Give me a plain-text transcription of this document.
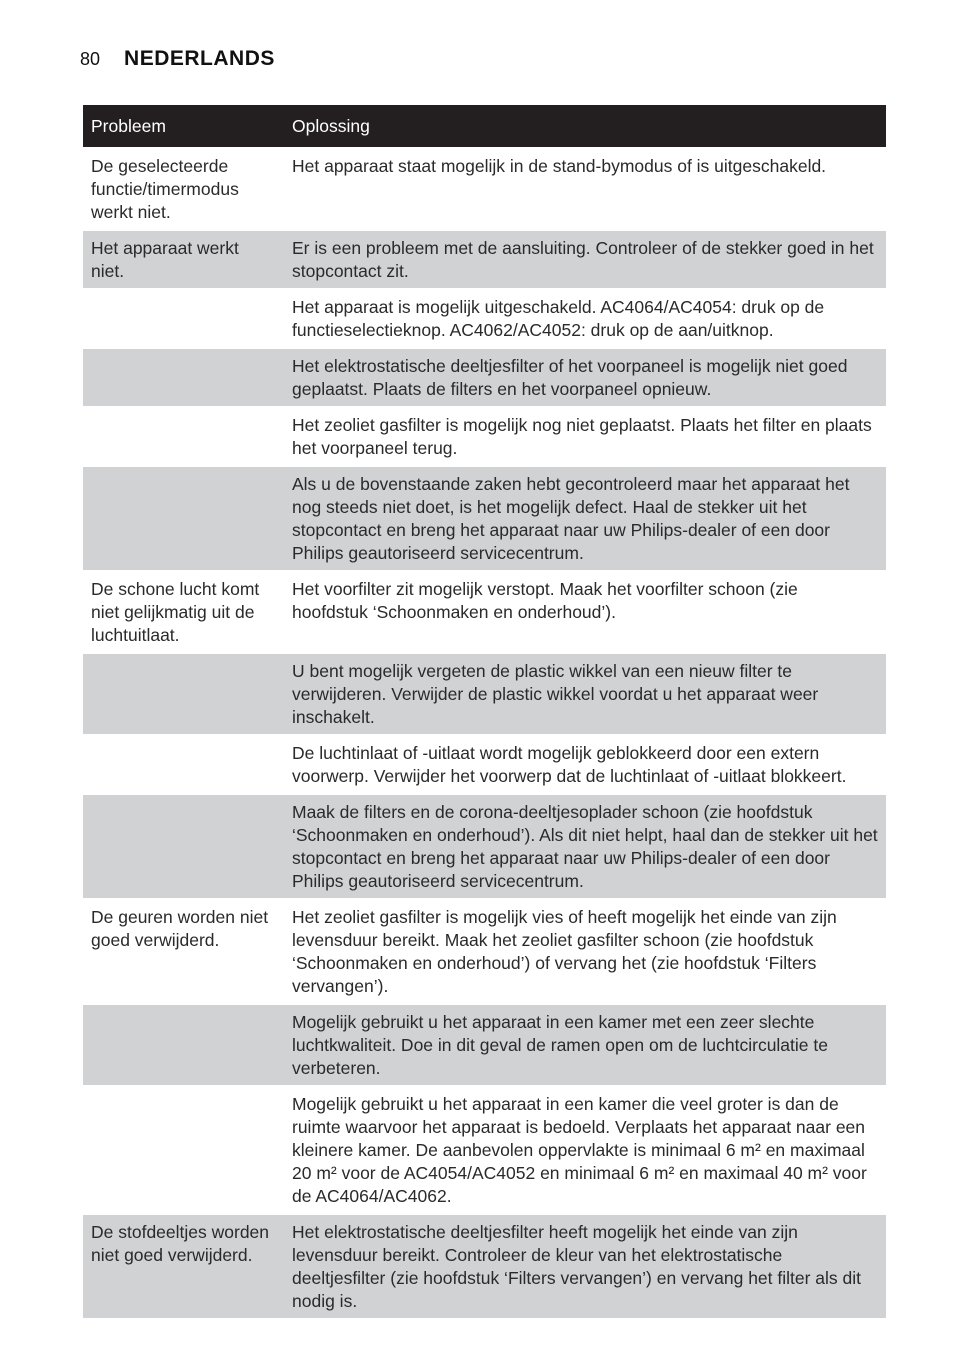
80 NEDERLANDS
Probleem	Oplossing
De geselecteerde functie/timermodus werkt niet.	Het apparaat staat mogelijk in de stand-bymodus of is uitgeschakeld.
Het apparaat werkt niet.	Er is een probleem met de aansluiting. Controleer of de stekker goed in het stopcontact zit.
	Het apparaat is mogelijk uitgeschakeld. AC4064/AC4054: druk op de functieselectieknop. AC4062/AC4052: druk op de aan/uitknop.
	Het elektrostatische deeltjesfilter of het voorpaneel is mogelijk niet goed geplaatst. Plaats de filters en het voorpaneel opnieuw.
	Het zeoliet gasfilter is mogelijk nog niet geplaatst. Plaats het filter en plaats het voorpaneel terug.
	Als u de bovenstaande zaken hebt gecontroleerd maar het apparaat het nog steeds niet doet, is het mogelijk defect. Haal de stekker uit het stopcontact en breng het apparaat naar uw Philips-dealer of een door Philips geautoriseerd servicecentrum.
De schone lucht komt niet gelijkmatig uit de luchtuitlaat.	Het voorfilter zit mogelijk verstopt. Maak het voorfilter schoon (zie hoofdstuk ‘Schoonmaken en onderhoud’).
	U bent mogelijk vergeten de plastic wikkel van een nieuw filter te verwijderen. Verwijder de plastic wikkel voordat u het apparaat weer inschakelt.
	De luchtinlaat of -uitlaat wordt mogelijk geblokkeerd door een extern voorwerp. Verwijder het voorwerp dat de luchtinlaat of -uitlaat blokkeert.
	Maak de filters en de corona-deeltjesoplader schoon (zie hoofdstuk ‘Schoonmaken en onderhoud’). Als dit niet helpt, haal dan de stekker uit het stopcontact en breng het apparaat naar uw Philips-dealer of een door Philips geautoriseerd servicecentrum.
De geuren worden niet goed verwijderd.	Het zeoliet gasfilter is mogelijk vies of heeft mogelijk het einde van zijn levensduur bereikt. Maak het zeoliet gasfilter schoon (zie hoofdstuk ‘Schoonmaken en onderhoud’) of vervang het (zie hoofdstuk ‘Filters vervangen’).
	Mogelijk gebruikt u het apparaat in een kamer met een zeer slechte luchtkwaliteit. Doe in dit geval de ramen open om de luchtcirculatie te verbeteren.
	Mogelijk gebruikt u het apparaat in een kamer die veel groter is dan de ruimte waarvoor het apparaat is bedoeld. Verplaats het apparaat naar een kleinere kamer. De aanbevolen oppervlakte is minimaal 6 m² en maximaal 20 m² voor de AC4054/AC4052 en minimaal 6 m² en maximaal 40 m² voor de AC4064/AC4062.
De stofdeeltjes worden niet goed verwijderd.	Het elektrostatische deeltjesfilter heeft mogelijk het einde van zijn levensduur bereikt. Controleer de kleur van het elektrostatische deeltjesfilter (zie hoofdstuk ‘Filters vervangen’) en vervang het filter als dit nodig is.
